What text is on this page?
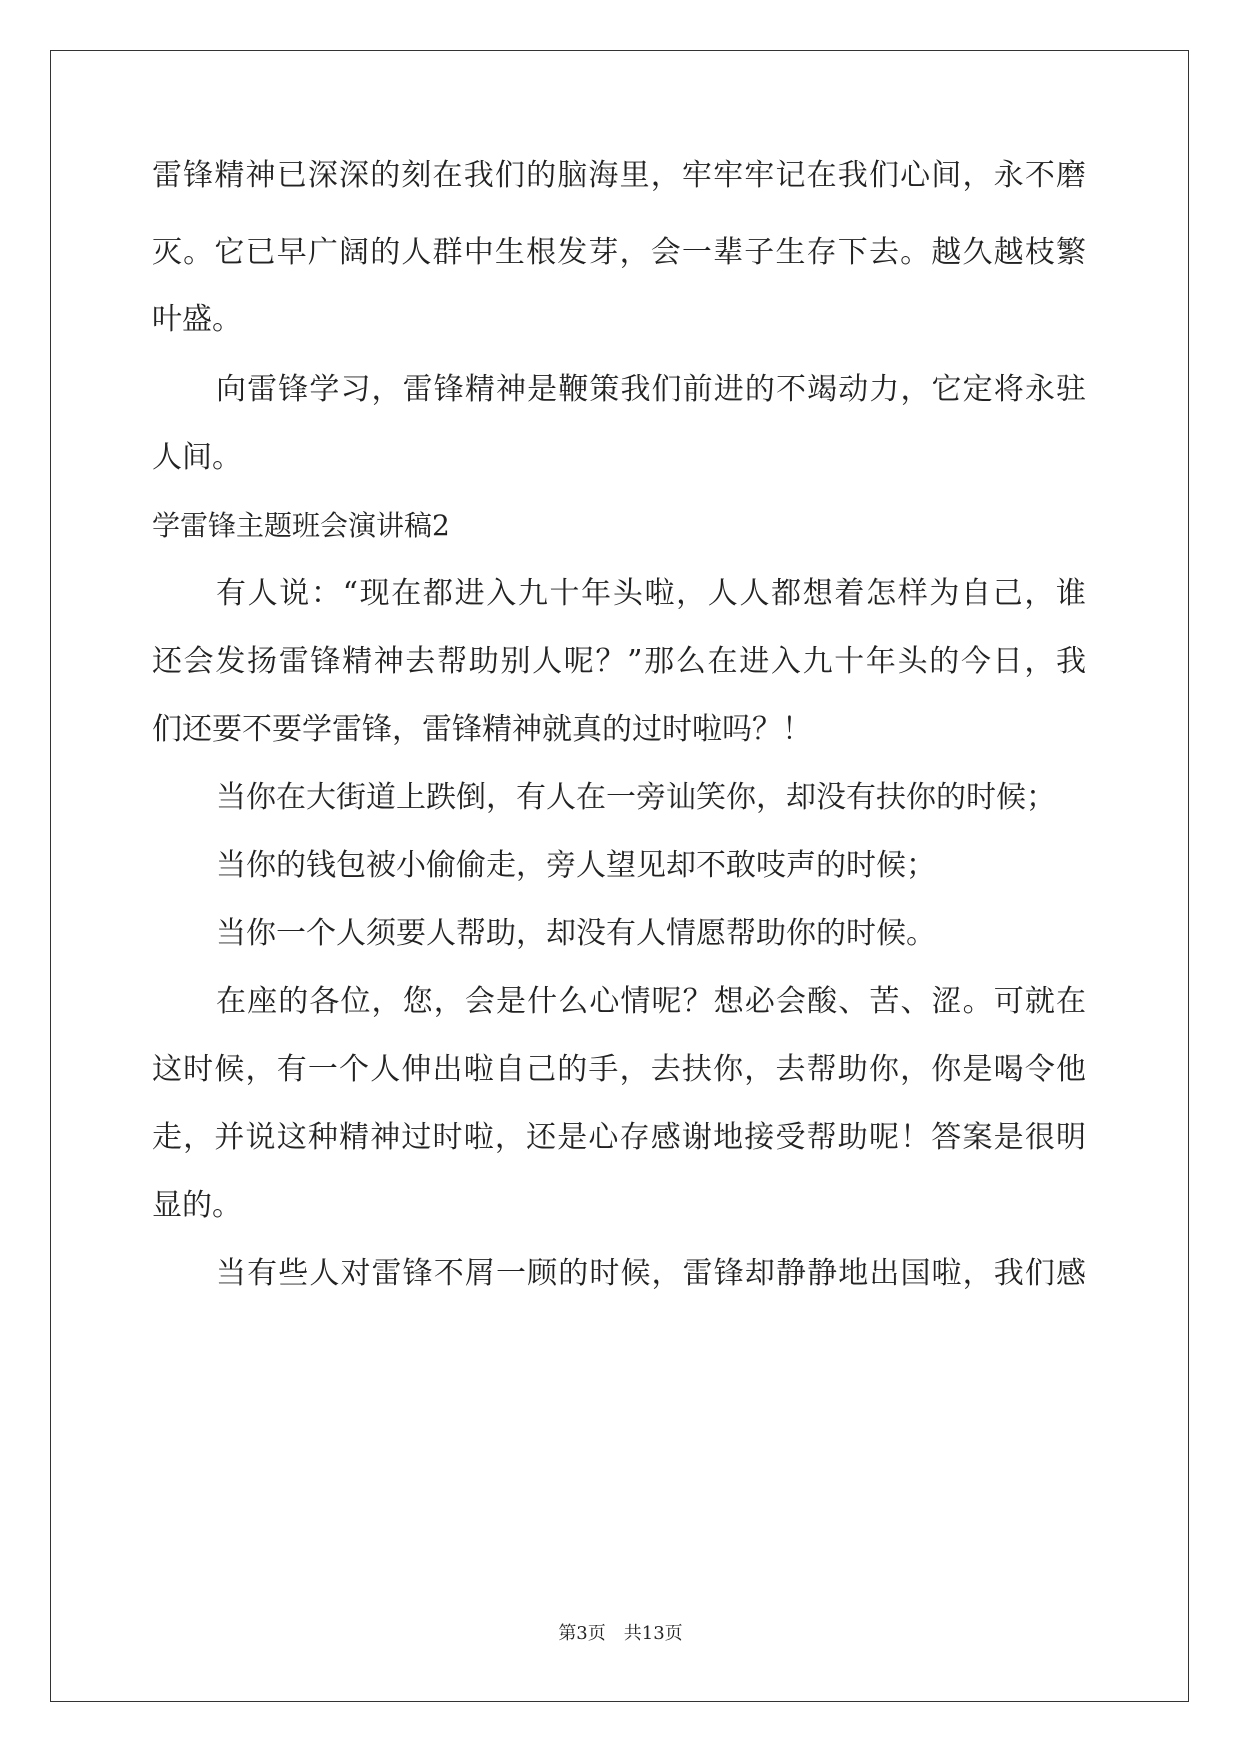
雷锋精神已深深的刻在我们的脑海里，牢牢牢记在我们心间，永不磨
灭。它已早广阔的人群中生根发芽，会一辈子生存下去。越久越枝繁
叶盛。
向雷锋学习，雷锋精神是鞭策我们前进的不竭动力，它定将永驻
人间。
学雷锋主题班会演讲稿2
有人说：“现在都进入九十年头啦，人人都想着怎样为自己，谁
还会发扬雷锋精神去帮助别人呢？”那么在进入九十年头的今日，我
们还要不要学雷锋，雷锋精神就真的过时啦吗？！
当你在大街道上跌倒，有人在一旁讪笑你，却没有扶你的时候；
当你的钱包被小偷偷走，旁人望见却不敢吱声的时候；
当你一个人须要人帮助，却没有人情愿帮助你的时候。
在座的各位，您，会是什么心情呢？想必会酸、苦、涩。可就在
这时候，有一个人伸出啦自己的手，去扶你，去帮助你，你是喝令他
走，并说这种精神过时啦，还是心存感谢地接受帮助呢！答案是很明
显的。
当有些人对雷锋不屑一顾的时候，雷锋却静静地出国啦，我们感
第3页　共13页
